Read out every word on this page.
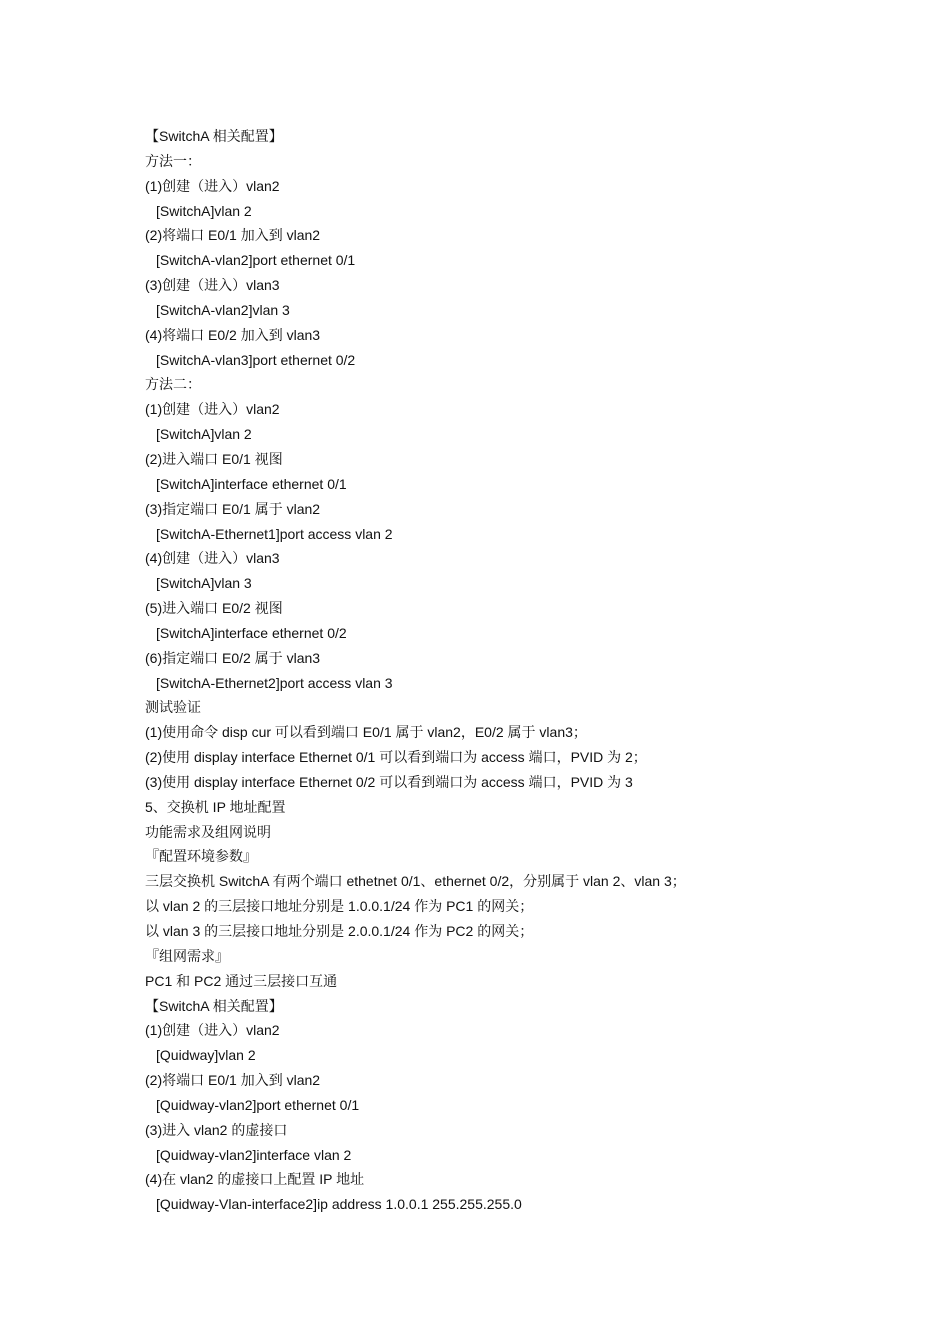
【SwitchA 相关配置】
方法一：
(1)创建（进入）vlan2
[SwitchA]vlan 2
(2)将端口 E0/1 加入到 vlan2
[SwitchA-vlan2]port ethernet 0/1
(3)创建（进入）vlan3
[SwitchA-vlan2]vlan 3
(4)将端口 E0/2 加入到 vlan3
[SwitchA-vlan3]port ethernet 0/2
方法二：
(1)创建（进入）vlan2
[SwitchA]vlan 2
(2)进入端口 E0/1 视图
[SwitchA]interface ethernet 0/1
(3)指定端口 E0/1 属于 vlan2
[SwitchA-Ethernet1]port access vlan 2
(4)创建（进入）vlan3
[SwitchA]vlan 3
(5)进入端口 E0/2 视图
[SwitchA]interface ethernet 0/2
(6)指定端口 E0/2 属于 vlan3
[SwitchA-Ethernet2]port access vlan 3
测试验证
(1)使用命令 disp cur 可以看到端口 E0/1 属于 vlan2，E0/2 属于 vlan3；
(2)使用 display interface Ethernet 0/1 可以看到端口为 access 端口，PVID 为 2；
(3)使用 display interface Ethernet 0/2 可以看到端口为 access 端口，PVID 为 3
5、交换机 IP 地址配置
功能需求及组网说明
『配置环境参数』
三层交换机 SwitchA 有两个端口 ethetnet 0/1、ethernet 0/2，分别属于 vlan 2、vlan 3；
以 vlan 2 的三层接口地址分别是 1.0.0.1/24 作为 PC1 的网关；
以 vlan 3 的三层接口地址分别是 2.0.0.1/24 作为 PC2 的网关；
『组网需求』
PC1 和 PC2 通过三层接口互通
【SwitchA 相关配置】
(1)创建（进入）vlan2
[Quidway]vlan 2
(2)将端口 E0/1 加入到 vlan2
[Quidway-vlan2]port ethernet 0/1
(3)进入 vlan2 的虚接口
[Quidway-vlan2]interface vlan 2
(4)在 vlan2 的虚接口上配置 IP 地址
[Quidway-Vlan-interface2]ip address 1.0.0.1 255.255.255.0
